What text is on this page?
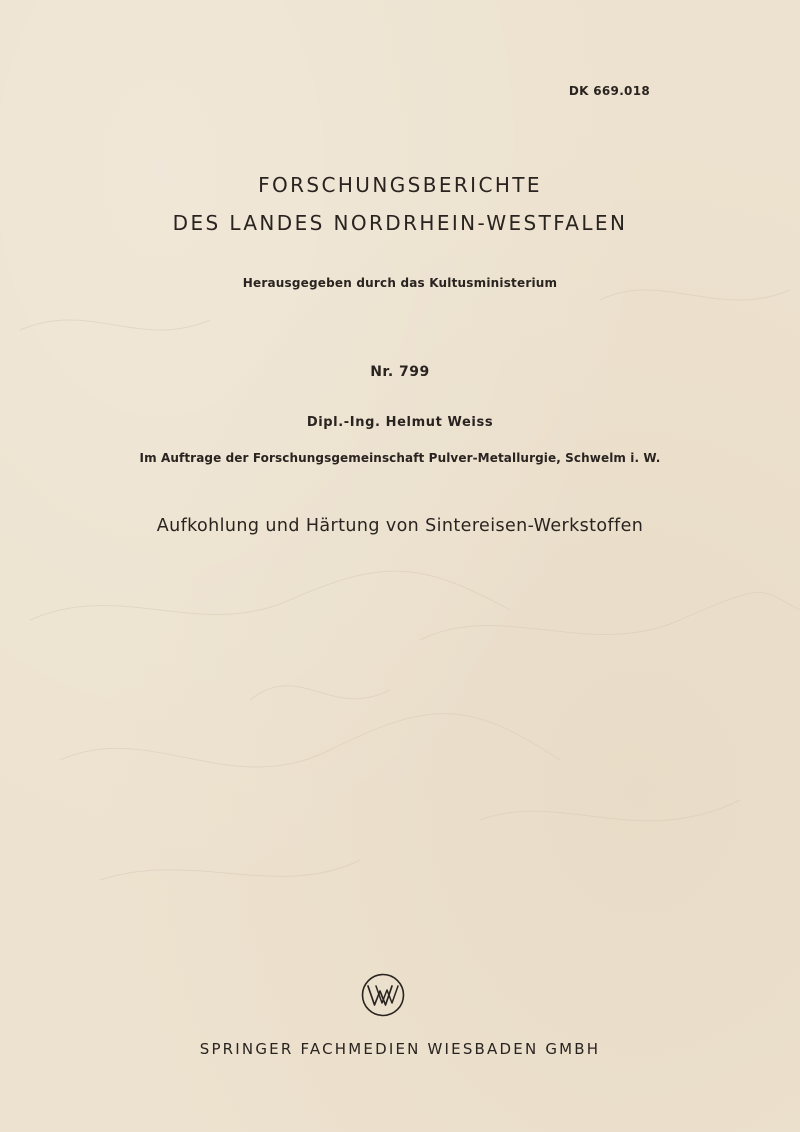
DK 669.018
FORSCHUNGSBERICHTE
DES LANDES NORDRHEIN-WESTFALEN
Herausgegeben durch das Kultusministerium
Nr. 799
Dipl.-Ing. Helmut Weiss
Im Auftrage der Forschungsgemeinschaft Pulver-Metallurgie, Schwelm i. W.
Aufkohlung und Härtung von Sintereisen-Werkstoffen
SPRINGER FACHMEDIEN WIESBADEN GMBH
